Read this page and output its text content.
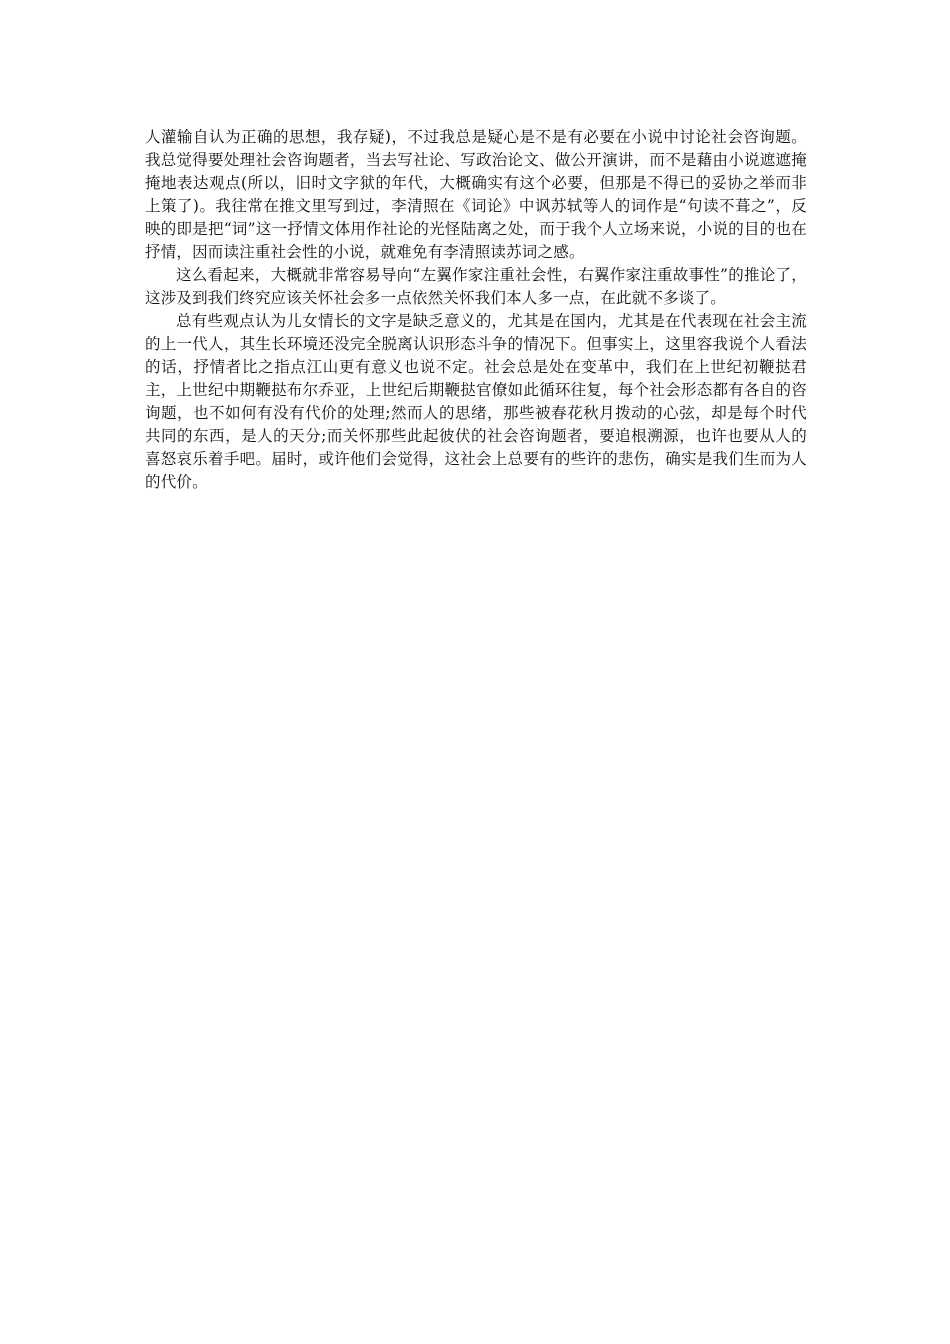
人灌输自认为正确的思想，我存疑)，不过我总是疑心是不是有必要在小说中讨论社会咨询题。我总觉得要处理社会咨询题者，当去写社论、写政治论文、做公开演讲，而不是藉由小说遮遮掩掩地表达观点(所以，旧时文字狱的年代，大概确实有这个必要，但那是不得已的妥协之举而非上策了)。我往常在推文里写到过，李清照在《词论》中讽苏轼等人的词作是“句读不葺之”，反映的即是把“词”这一抒情文体用作社论的光怪陆离之处，而于我个人立场来说，小说的目的也在抒情，因而读注重社会性的小说，就难免有李清照读苏词之感。

这么看起来，大概就非常容易导向“左翼作家注重社会性，右翼作家注重故事性”的推论了，这涉及到我们终究应该关怀社会多一点依然关怀我们本人多一点，在此就不多谈了。

总有些观点认为儿女情长的文字是缺乏意义的，尤其是在国内，尤其是在代表现在社会主流的上一代人，其生长环境还没完全脱离认识形态斗争的情况下。但事实上，这里容我说个人看法的话，抒情者比之指点江山更有意义也说不定。社会总是处在变革中，我们在上世纪初鞭挞君主，上世纪中期鞭挞布尔乔亚，上世纪后期鞭挞官僚如此循环往复，每个社会形态都有各自的咨询题，也不如何有没有代价的处理;然而人的思绪，那些被春花秋月拨动的心弦，却是每个时代共同的东西，是人的天分;而关怀那些此起彼伏的社会咨询题者，要追根溯源，也许也要从人的喜怒哀乐着手吧。届时，或许他们会觉得，这社会上总要有的些许的悲伤，确实是我们生而为人的代价。
